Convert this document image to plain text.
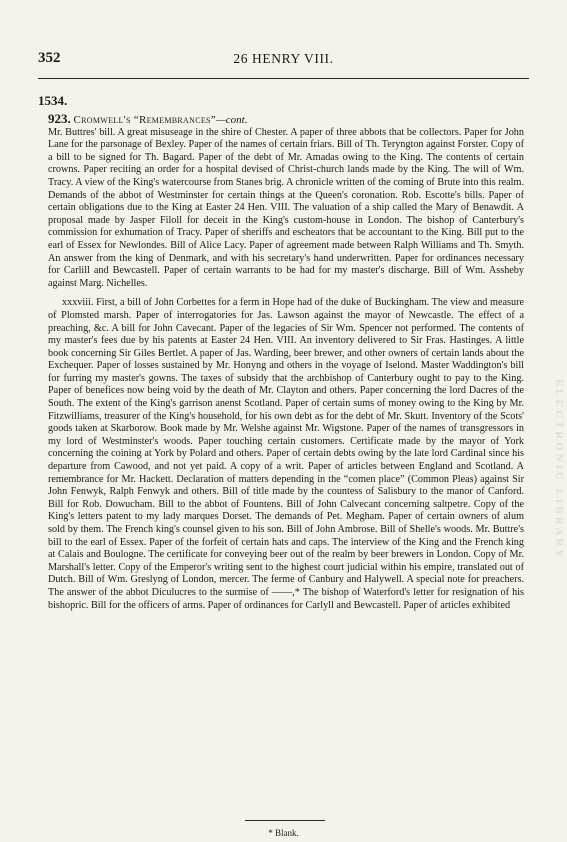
352	26 HENRY VIII.
1534.

923. Cromwell's “Remembrances”—cont.

Mr. Buttres' bill. A great misuseage in the shire of Chester. A paper of three abbots that be collectors. Paper for John Lane for the parsonage of Bexley. Paper of the names of certain friars. Bill of Th. Teryngton against Forster. Copy of a bill to be signed for Th. Bagard. Paper of the debt of Mr. Amadas owing to the King. The contents of certain crowns. Paper reciting an order for a hospital devised of Christ-church lands made by the King. The will of Wm. Tracy. A view of the King's watercourse from Stanes brig. A chronicle written of the coming of Brute into this realm. Demands of the abbot of Westminster for certain things at the Queen's coronation. Rob. Escotte's bills. Paper of certain obligations due to the King at Easter 24 Hen. VIII. The valuation of a ship called the Mary of Benawdit. A proposal made by Jasper Filoll for deceit in the King's custom-house in London. The bishop of Canterbury's commission for exhumation of Tracy. Paper of sheriffs and escheators that be accountant to the King. Bill put to the earl of Essex for Newlondes. Bill of Alice Lacy. Paper of agreement made between Ralph Williams and Th. Smyth. An answer from the king of Denmark, and with his secretary's hand underwritten. Paper for ordinances necessary for Carlill and Bewcastell. Paper of certain warrants to be had for my master's discharge. Bill of Wm. Assheby against Marg. Nichelles.

xxxviii. First, a bill of John Corbettes for a ferm in Hope had of the duke of Buckingham. The view and measure of Plomsted marsh. Paper of interrogatories for Jas. Lawson against the mayor of Newcastle. The effect of a preaching, &c. A bill for John Cavecant. Paper of the legacies of Sir Wm. Spencer not performed. The contents of my master's fees due by his patents at Easter 24 Hen. VIII. An inventory delivered to Sir Fras. Hastinges. A little book concerning Sir Giles Bertlet. A paper of Jas. Warding, beer brewer, and other owners of certain lands about the Exchequer. Paper of losses sustained by Mr. Honyng and others in the voyage of Iselond. Master Waddington's bill for furring my master's gowns. The taxes of subsidy that the archbishop of Canterbury ought to pay to the King. Paper of benefices now being void by the death of Mr. Clayton and others. Paper concerning the lord Dacres of the South. The extent of the King's garrison anenst Scotland. Paper of certain sums of money owing to the King by Mr. Fitzwilliams, treasurer of the King's household, for his own debt as for the debt of Mr. Skutt. Inventory of the Scots' goods taken at Skarborow. Book made by Mr. Welshe against Mr. Wigstone. Paper of the names of transgressors in my lord of Westminster's woods. Paper touching certain customers. Certificate made by the mayor of York concerning the coining at York by Polard and others. Paper of certain debts owing by the late lord Cardinal since his departure from Cawood, and not yet paid. A copy of a writ. Paper of articles between England and Scotland. A remembrance for Mr. Hackett. Declaration of matters depending in the “comen place” (Common Pleas) against Sir John Fenwyk, Ralph Fenwyk and others. Bill of title made by the countess of Salisbury to the manor of Canford. Bill for Rob. Dowucham. Bill to the abbot of Fountens. Bill of John Calvecant concerning saltpetre. Copy of the King's letters patent to my lady marques Dorset. The demands of Pet. Megham. Paper of certain owners of alum sold by them. The French king's counsel given to his son. Bill of John Ambrose. Bill of Shelle's woods. Mr. Buttre's bill to the earl of Essex. Paper of the forfeit of certain hats and caps. The interview of the King and the French king at Calais and Boulogne. The certificate for conveying beer out of the realm by beer brewers in London. Copy of Mr. Marshall's letter. Copy of the Emperor's writing sent to the highest court judicial within his empire, translated out of Dutch. Bill of Wm. Greslyng of London, mercer. The ferme of Canbury and Halywell. A special note for preachers. The answer of the abbot Diculucres to the surmise of ——,* The bishop of Waterford's letter for resignation of his bishopric. Bill for the officers of arms. Paper of ordinances for Carlyll and Bewcastell. Paper of articles exhibited

ELECTRONIC LIBRARY
* Blank.
